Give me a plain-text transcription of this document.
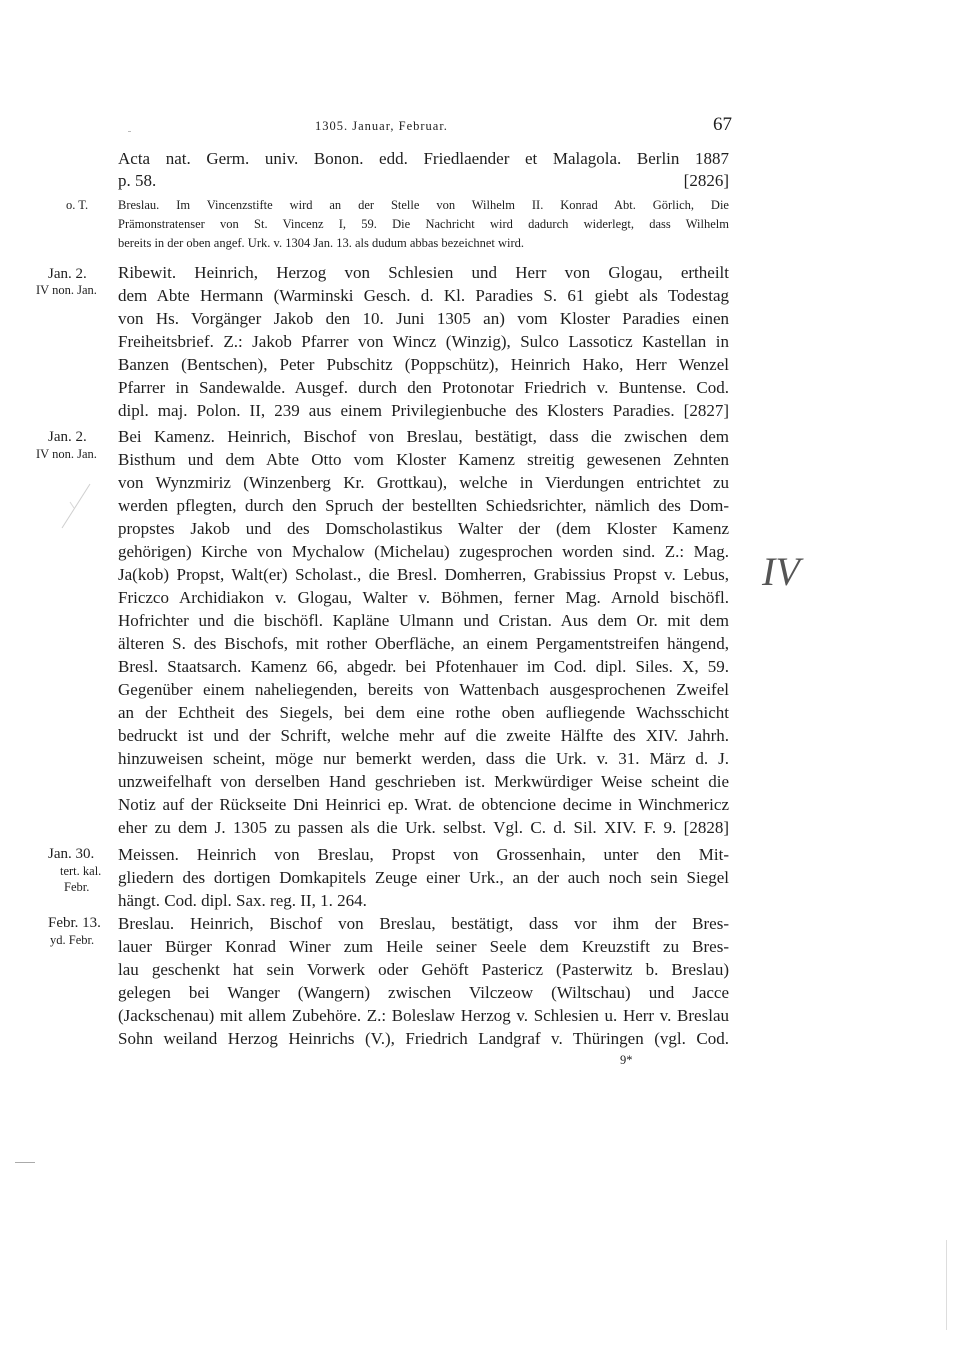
1305. Januar, Februar.	67
Acta nat. Germ. univ. Bonon. edd. Friedlaender et Malagola. Berlin 1887
p. 58.	[2826]
o. T. Breslau. Im Vincenzstifte wird an der Stelle von Wilhelm II. Konrad Abt. Görlich, Die
Prämonstratenser von St. Vincenz I, 59. Die Nachricht wird dadurch widerlegt, dass Wilhelm
bereits in der oben angef. Urk. v. 1304 Jan. 13. als dudum abbas bezeichnet wird.
Jan. 2.
IV non. Jan.
Ribewit. Heinrich, Herzog von Schlesien und Herr von Glogau, ertheilt
dem Abte Hermann (Warminski Gesch. d. Kl. Paradies S. 61 giebt als Todestag
von Hs. Vorgänger Jakob den 10. Juni 1305 an) vom Kloster Paradies einen
Freiheitsbrief. Z.: Jakob Pfarrer von Wincz (Winzig), Sulco Lassoticz Kastellan in
Banzen (Bentschen), Peter Pubschitz (Poppschütz), Heinrich Hako, Herr Wenzel
Pfarrer in Sandewalde. Ausgef. durch den Protonotar Friedrich v. Buntense. Cod.
dipl. maj. Polon. II, 239 aus einem Privilegienbuche des Klosters Paradies. [2827]
Jan. 2.
IV non. Jan.
Bei Kamenz. Heinrich, Bischof von Breslau, bestätigt, dass die zwischen dem
Bisthum und dem Abte Otto vom Kloster Kamenz streitig gewesenen Zehnten
von Wynzmiriz (Winzenberg Kr. Grottkau), welche in Vierdungen entrichtet zu
werden pflegten, durch den Spruch der bestellten Schiedsrichter, nämlich des Dom-
propstes Jakob und des Domscholastikus Walter der (dem Kloster Kamenz
gehörigen) Kirche von Mychalow (Michelau) zugesprochen worden sind. Z.: Mag.
Ja(kob) Propst, Walt(er) Scholast., die Bresl. Domherren, Grabissius Propst v. Lebus,
Friczco Archidiakon v. Glogau, Walter v. Böhmen, ferner Mag. Arnold bischöfl.
Hofrichter und die bischöfl. Kapläne Ulmann und Cristan. Aus dem Or. mit dem
älteren S. des Bischofs, mit rother Oberfläche, an einem Pergamentstreifen hängend,
Bresl. Staatsarch. Kamenz 66, abgedr. bei Pfotenhauer im Cod. dipl. Siles. X, 59.
Gegenüber einem naheliegenden, bereits von Wattenbach ausgesprochenen Zweifel
an der Echtheit des Siegels, bei dem eine rothe oben aufliegende Wachsschicht
bedruckt ist und der Schrift, welche mehr auf die zweite Hälfte des XIV. Jahrh.
hinzuweisen scheint, möge nur bemerkt werden, dass die Urk. v. 31. März d. J.
unzweifelhaft von derselben Hand geschrieben ist. Merkwürdiger Weise scheint die
Notiz auf der Rückseite Dni Heinrici ep. Wrat. de obtencione decime in Winchmericz
eher zu dem J. 1305 zu passen als die Urk. selbst. Vgl. C. d. Sil. XIV. F. 9. [2828]
Jan. 30.
tert. kal.
Febr.
Meissen. Heinrich von Breslau, Propst von Grossenhain, unter den Mit-
gliedern des dortigen Domkapitels Zeuge einer Urk., an der auch noch sein Siegel
hängt. Cod. dipl. Sax. reg. II, 1. 264.
Febr. 13.
yd. Febr.
Breslau. Heinrich, Bischof von Breslau, bestätigt, dass vor ihm der Bres-
lauer Bürger Konrad Winer zum Heile seiner Seele dem Kreuzstift zu Bres-
lau geschenkt hat sein Vorwerk oder Gehöft Pastericz (Pasterwitz b. Breslau)
gelegen bei Wanger (Wangern) zwischen Vilczeow (Wiltschau) und Jacce
(Jackschenau) mit allem Zubehöre. Z.: Boleslaw Herzog v. Schlesien u. Herr v. Breslau
Sohn weiland Herzog Heinrichs (V.), Friedrich Landgraf v. Thüringen (vgl. Cod.
9*
IV
